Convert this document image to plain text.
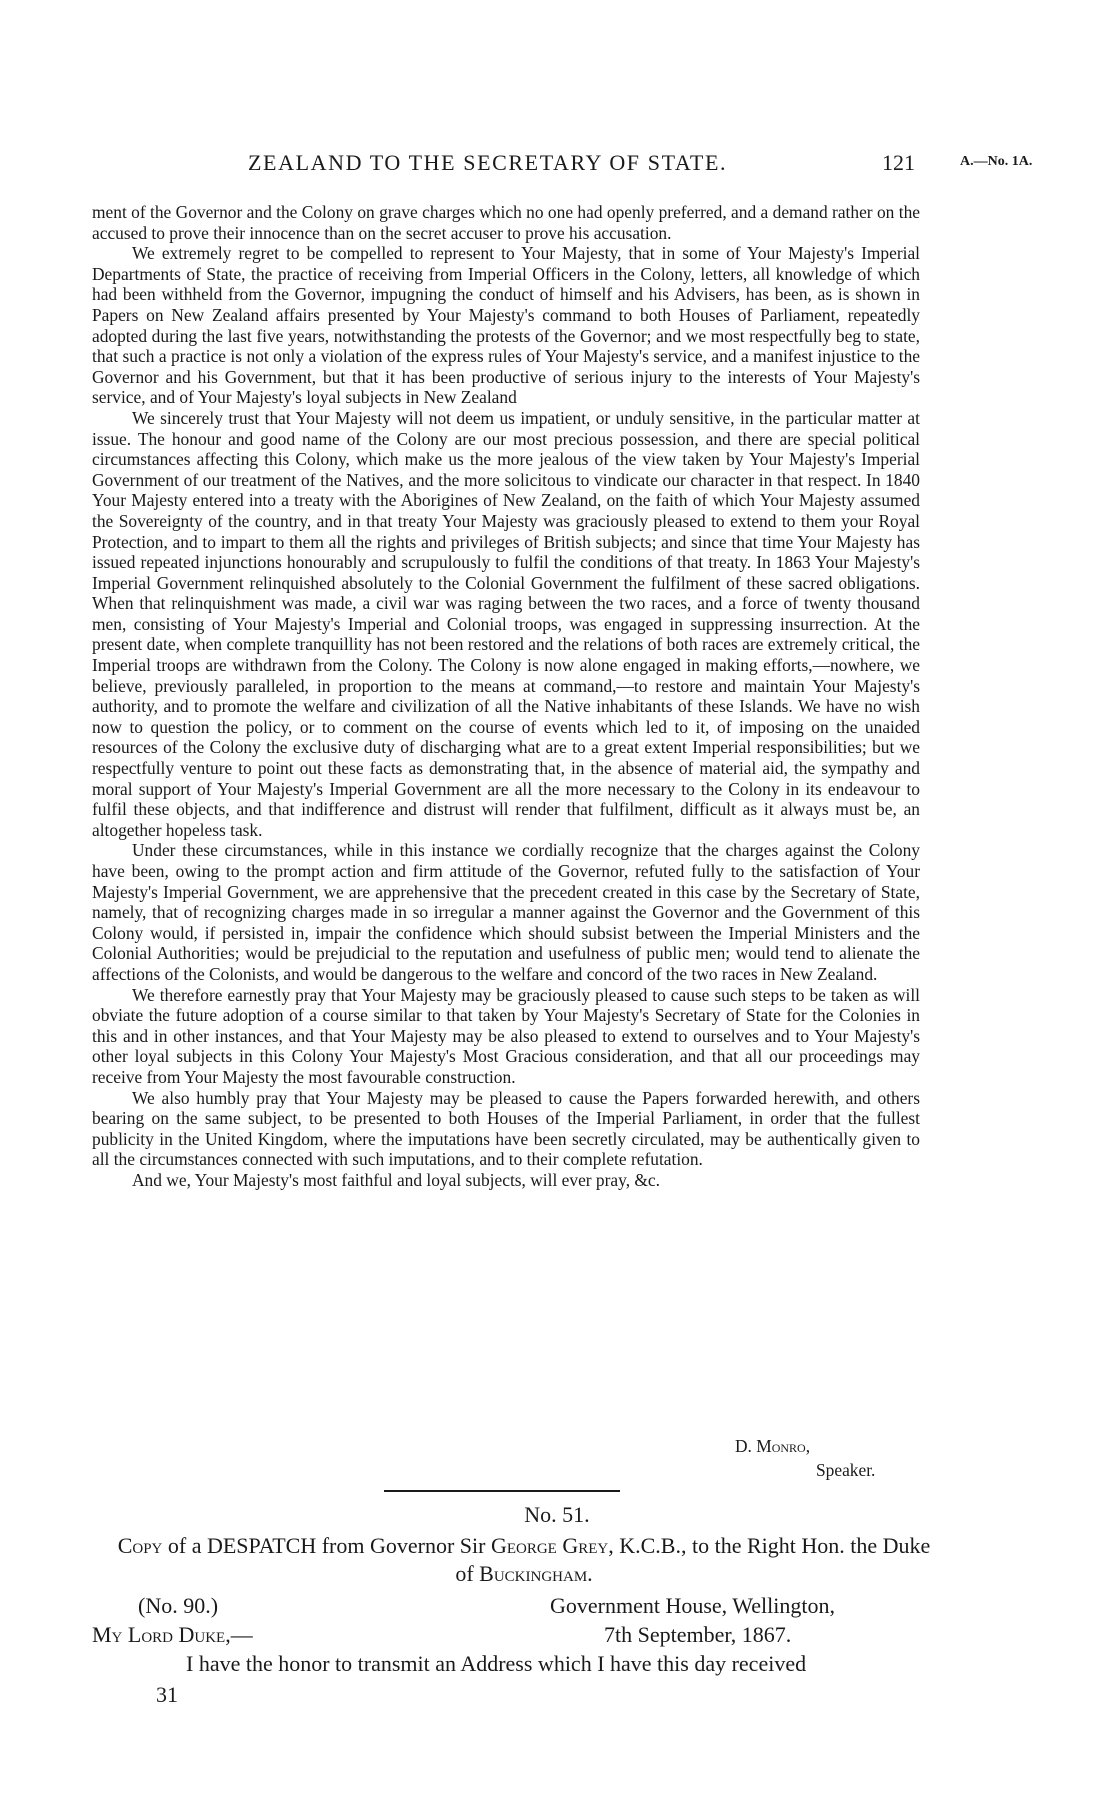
ZEALAND TO THE SECRETARY OF STATE.	121	A.—No. 1A.

ment of the Governor and the Colony on grave charges which no one had openly preferred, and a demand rather on the accused to prove their innocence than on the secret accuser to prove his accusation.

We extremely regret to be compelled to represent to Your Majesty, that in some of Your Majesty's Imperial Departments of State, the practice of receiving from Imperial Officers in the Colony, letters, all knowledge of which had been withheld from the Governor, impugning the conduct of himself and his Advisers, has been, as is shown in Papers on New Zealand affairs presented by Your Majesty's command to both Houses of Parliament, repeatedly adopted during the last five years, notwithstanding the protests of the Governor; and we most respectfully beg to state, that such a practice is not only a violation of the express rules of Your Majesty's service, and a manifest injustice to the Governor and his Government, but that it has been productive of serious injury to the interests of Your Majesty's service, and of Your Majesty's loyal subjects in New Zealand

We sincerely trust that Your Majesty will not deem us impatient, or unduly sensitive, in the particular matter at issue. The honour and good name of the Colony are our most precious possession, and there are special political circumstances affecting this Colony, which make us the more jealous of the view taken by Your Majesty's Imperial Government of our treatment of the Natives, and the more solicitous to vindicate our character in that respect. In 1840 Your Majesty entered into a treaty with the Aborigines of New Zealand, on the faith of which Your Majesty assumed the Sovereignty of the country, and in that treaty Your Majesty was graciously pleased to extend to them your Royal Protection, and to impart to them all the rights and privileges of British subjects; and since that time Your Majesty has issued repeated injunctions honourably and scrupulously to fulfil the conditions of that treaty. In 1863 Your Majesty's Imperial Government relinquished absolutely to the Colonial Government the fulfilment of these sacred obligations. When that relinquishment was made, a civil war was raging between the two races, and a force of twenty thousand men, consisting of Your Majesty's Imperial and Colonial troops, was engaged in suppressing insurrection. At the present date, when complete tranquillity has not been restored and the relations of both races are extremely critical, the Imperial troops are withdrawn from the Colony. The Colony is now alone engaged in making efforts,—nowhere, we believe, previously paralleled, in proportion to the means at command,—to restore and maintain Your Majesty's authority, and to promote the welfare and civilization of all the Native inhabitants of these Islands. We have no wish now to question the policy, or to comment on the course of events which led to it, of imposing on the unaided resources of the Colony the exclusive duty of discharging what are to a great extent Imperial responsibilities; but we respectfully venture to point out these facts as demonstrating that, in the absence of material aid, the sympathy and moral support of Your Majesty's Imperial Government are all the more necessary to the Colony in its endeavour to fulfil these objects, and that indifference and distrust will render that fulfilment, difficult as it always must be, an altogether hopeless task.

Under these circumstances, while in this instance we cordially recognize that the charges against the Colony have been, owing to the prompt action and firm attitude of the Governor, refuted fully to the satisfaction of Your Majesty's Imperial Government, we are apprehensive that the precedent created in this case by the Secretary of State, namely, that of recognizing charges made in so irregular a manner against the Governor and the Government of this Colony would, if persisted in, impair the confidence which should subsist between the Imperial Ministers and the Colonial Authorities; would be prejudicial to the reputation and usefulness of public men; would tend to alienate the affections of the Colonists, and would be dangerous to the welfare and concord of the two races in New Zealand.

We therefore earnestly pray that Your Majesty may be graciously pleased to cause such steps to be taken as will obviate the future adoption of a course similar to that taken by Your Majesty's Secretary of State for the Colonies in this and in other instances, and that Your Majesty may be also pleased to extend to ourselves and to Your Majesty's other loyal subjects in this Colony Your Majesty's Most Gracious consideration, and that all our proceedings may receive from Your Majesty the most favourable construction.

We also humbly pray that Your Majesty may be pleased to cause the Papers forwarded herewith, and others bearing on the same subject, to be presented to both Houses of the Imperial Parliament, in order that the fullest publicity in the United Kingdom, where the imputations have been secretly circulated, may be authentically given to all the circumstances connected with such imputations, and to their complete refutation.

And we, Your Majesty's most faithful and loyal subjects, will ever pray, &c.

D. Monro,
Speaker.
No. 51.
Copy of a DESPATCH from Governor Sir George Grey, K.C.B., to the Right Hon. the Duke of Buckingham.
(No. 90.)	Government House, Wellington,
My Lord Duke,—	7th September, 1867.
I have the honor to transmit an Address which I have this day received
31
